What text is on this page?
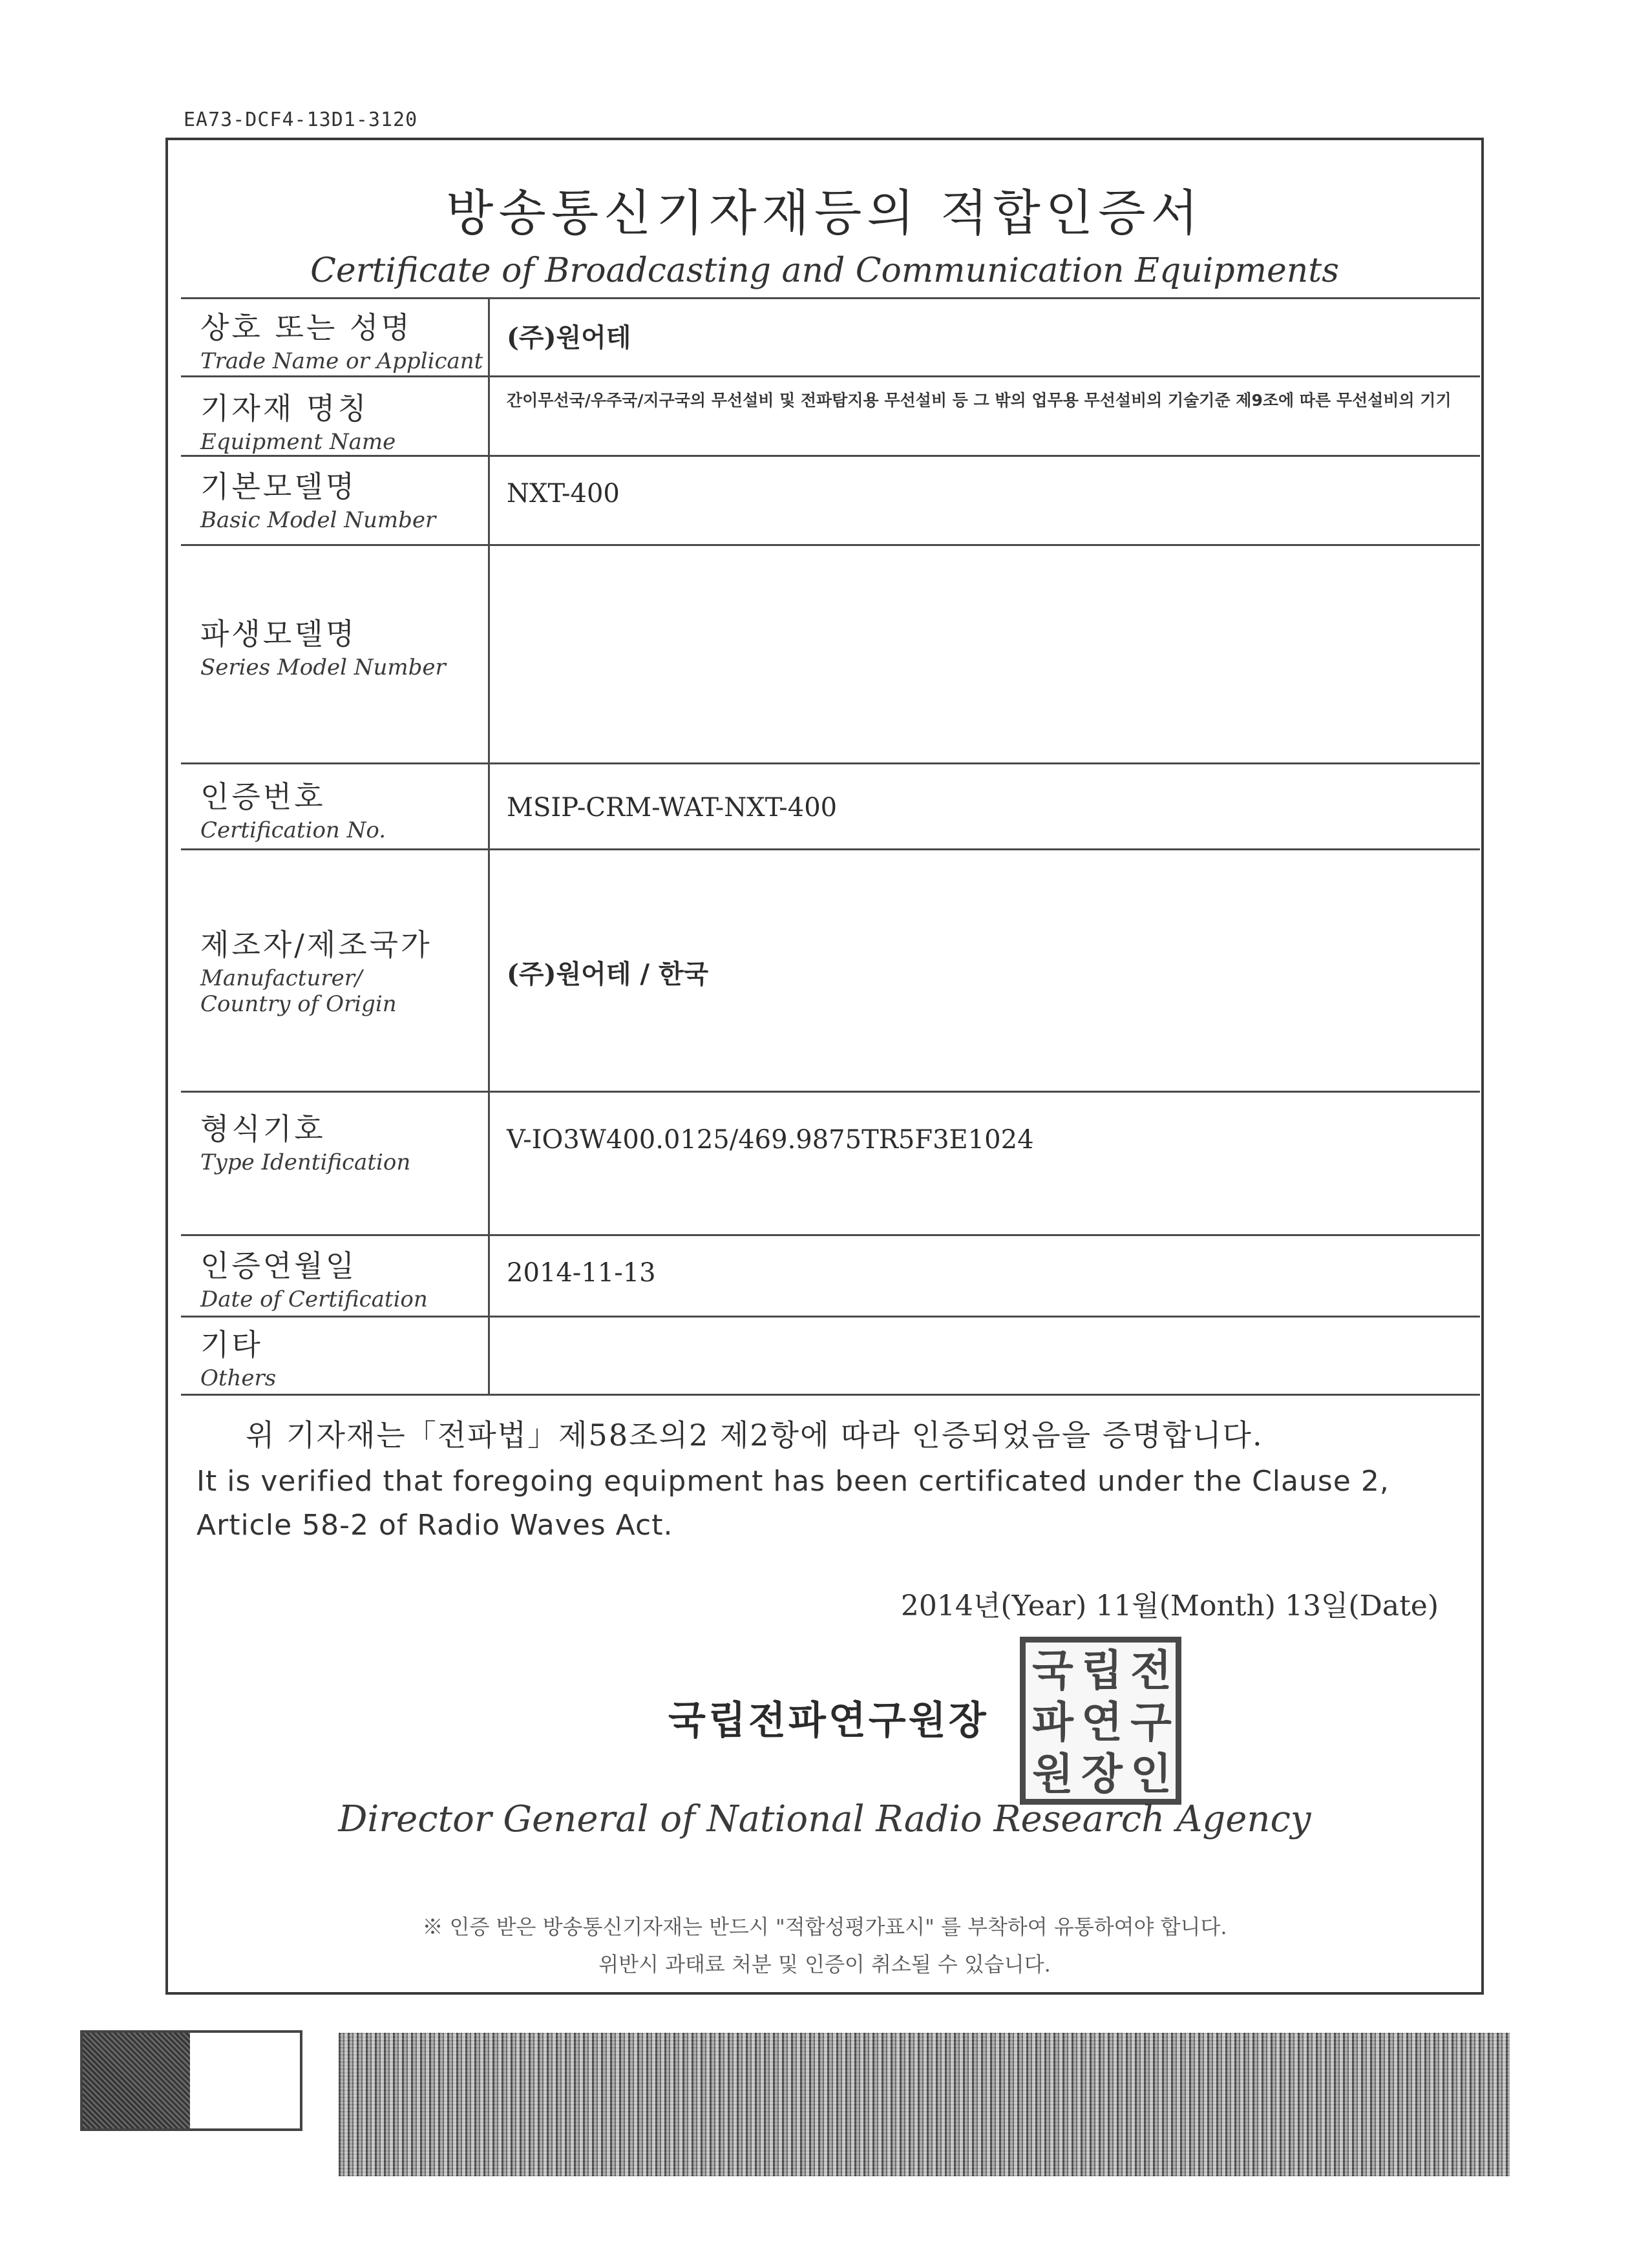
EA73-DCF4-13D1-3120
방송통신기자재등의 적합인증서
Certificate of Broadcasting and Communication Equipments
상호 또는 성명
Trade Name or Applicant
(주)원어테
기자재 명칭
Equipment Name
간이무선국/우주국/지구국의 무선설비 및 전파탐지용 무선설비 등 그 밖의 업무용 무선설비의 기술기준 제9조에 따른 무선설비의 기기
기본모델명
Basic Model Number
NXT-400
파생모델명
Series Model Number
인증번호
Certification No.
MSIP-CRM-WAT-NXT-400
제조자/제조국가
Manufacturer/
Country of Origin
(주)원어테 / 한국
형식기호
Type Identification
V-IO3W400.0125/469.9875TR5F3E1024
인증연월일
Date of Certification
2014-11-13
기타
Others
위 기자재는「전파법」제58조의2 제2항에 따라 인증되었음을 증명합니다.
It is verified that foregoing equipment has been certificated under the Clause 2,
Article 58-2 of Radio Waves Act.
2014년(Year) 11월(Month) 13일(Date)
국립전파연구원장
국 립 전
파 연 구
원 장 인
Director General of National Radio Research Agency
※ 인증 받은 방송통신기자재는 반드시 "적합성평가표시" 를 부착하여 유통하여야 합니다.
위반시 과태료 처분 및 인증이 취소될 수 있습니다.
